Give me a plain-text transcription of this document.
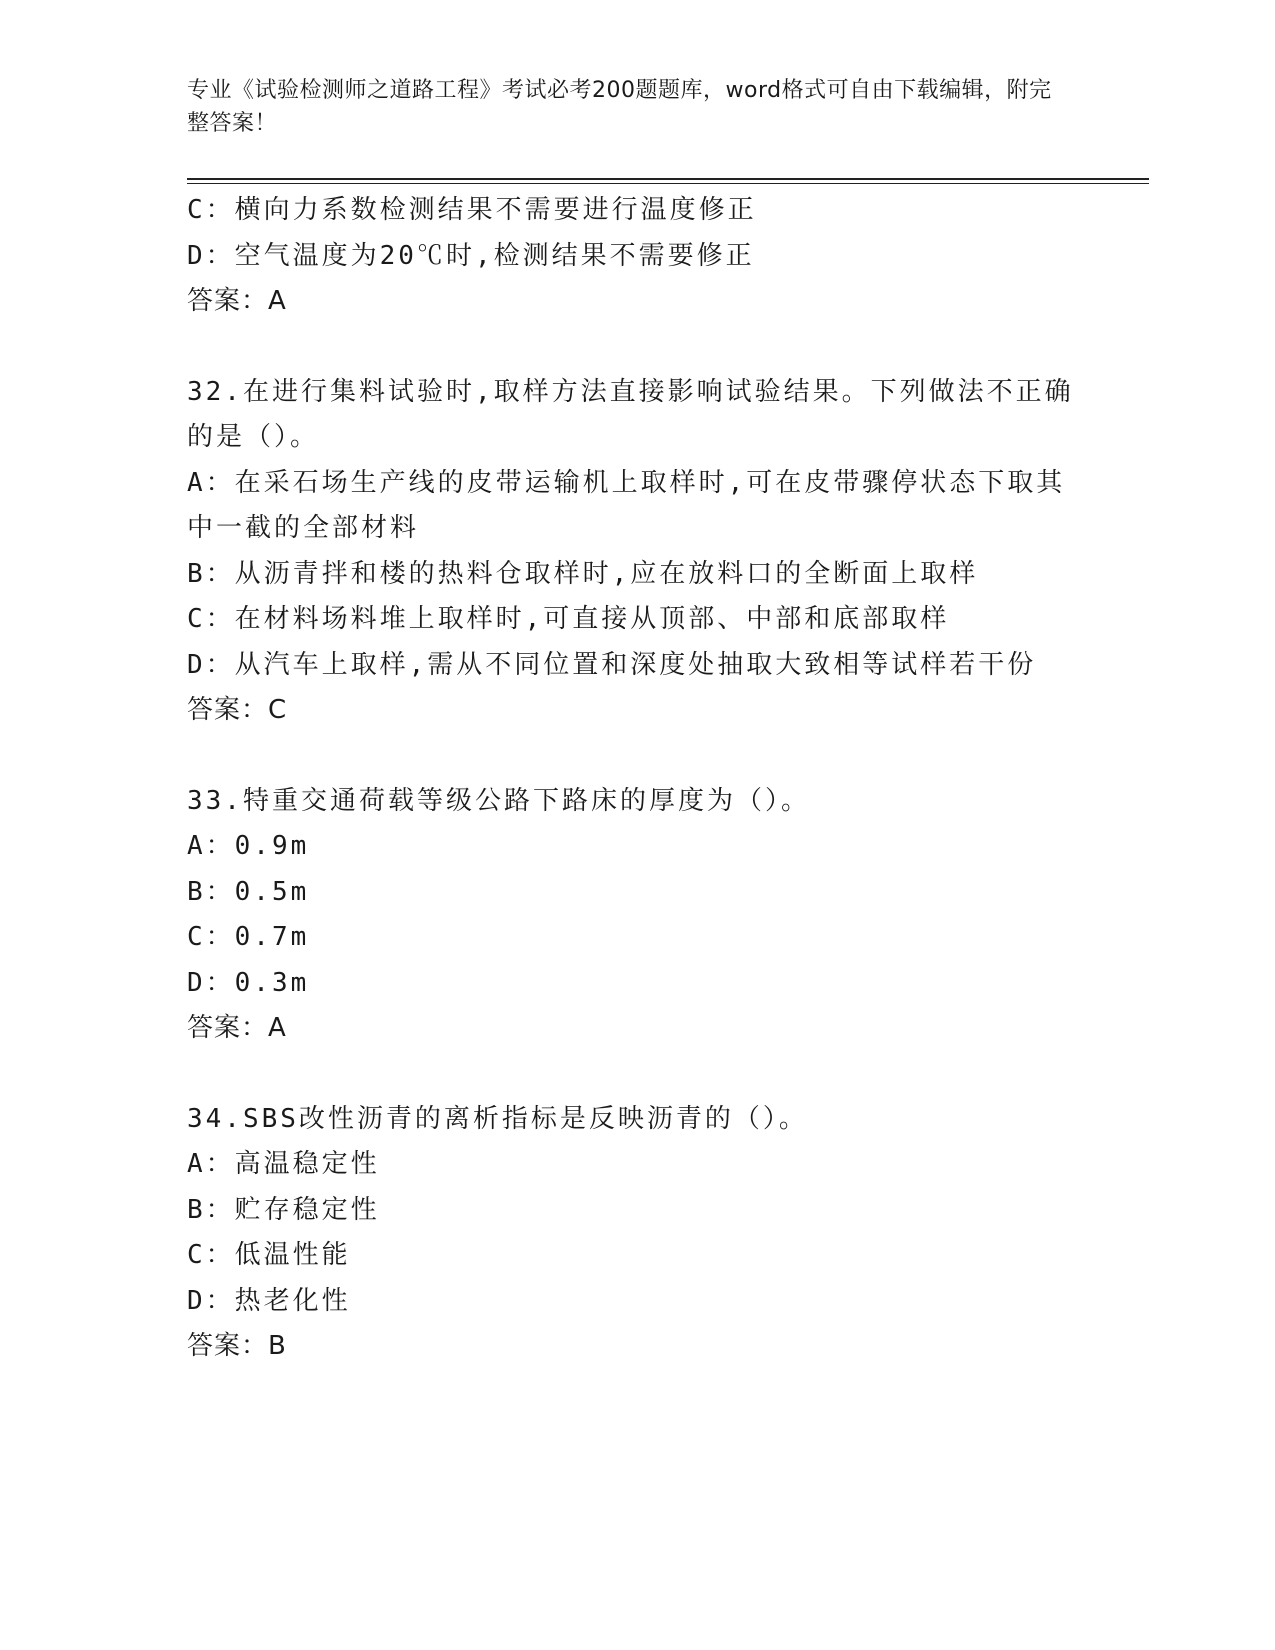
专业《试验检测师之道路工程》考试必考200题题库，word格式可自由下载编辑，附完整答案！
C：横向力系数检测结果不需要进行温度修正
D：空气温度为20℃时,检测结果不需要修正
答案：A
32.在进行集料试验时,取样方法直接影响试验结果。下列做法不正确的是（）。
A：在采石场生产线的皮带运输机上取样时,可在皮带骤停状态下取其中一截的全部材料
B：从沥青拌和楼的热料仓取样时,应在放料口的全断面上取样
C：在材料场料堆上取样时,可直接从顶部、中部和底部取样
D：从汽车上取样,需从不同位置和深度处抽取大致相等试样若干份
答案：C
33.特重交通荷载等级公路下路床的厚度为（）。
A：0.9m
B：0.5m
C：0.7m
D：0.3m
答案：A
34.SBS改性沥青的离析指标是反映沥青的（）。
A：高温稳定性
B：贮存稳定性
C：低温性能
D：热老化性
答案：B
